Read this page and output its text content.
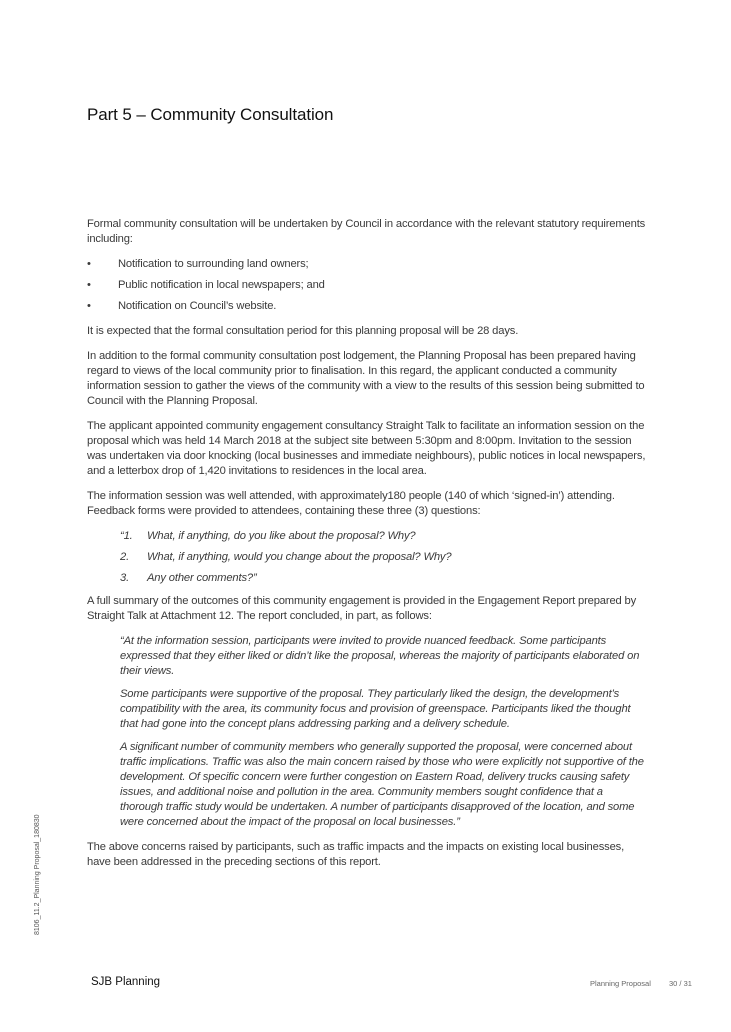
Part 5 – Community Consultation

Formal community consultation will be undertaken by Council in accordance with the relevant statutory requirements including:

• Notification to surrounding land owners;
• Public notification in local newspapers; and
• Notification on Council’s website.

It is expected that the formal consultation period for this planning proposal will be 28 days.

In addition to the formal community consultation post lodgement, the Planning Proposal has been prepared having regard to views of the local community prior to finalisation. In this regard, the applicant conducted a community information session to gather the views of the community with a view to the results of this session being submitted to Council with the Planning Proposal.

The applicant appointed community engagement consultancy Straight Talk to facilitate an information session on the proposal which was held 14 March 2018 at the subject site between 5:30pm and 8:00pm. Invitation to the session was undertaken via door knocking (local businesses and immediate neighbours), public notices in local newspapers, and a letterbox drop of 1,420 invitations to residences in the local area.

The information session was well attended, with approximately180 people (140 of which ‘signed-in’) attending. Feedback forms were provided to attendees, containing these three (3) questions:

“1. What, if anything, do you like about the proposal? Why?
2. What, if anything, would you change about the proposal? Why?
3. Any other comments?”

A full summary of the outcomes of this community engagement is provided in the Engagement Report prepared by Straight Talk at Attachment 12. The report concluded, in part, as follows:

“At the information session, participants were invited to provide nuanced feedback. Some participants expressed that they either liked or didn’t like the proposal, whereas the majority of participants elaborated on their views.

Some participants were supportive of the proposal. They particularly liked the design, the development’s compatibility with the area, its community focus and provision of greenspace. Participants liked the thought that had gone into the concept plans addressing parking and a delivery schedule.

A significant number of community members who generally supported the proposal, were concerned about traffic implications. Traffic was also the main concern raised by those who were explicitly not supportive of the development. Of specific concern were further congestion on Eastern Road, delivery trucks causing safety issues, and additional noise and pollution in the area. Community members sought confidence that a thorough traffic study would be undertaken. A number of participants disapproved of the location, and some were concerned about the impact of the proposal on local businesses.”

The above concerns raised by participants, such as traffic impacts and the impacts on existing local businesses, have been addressed in the preceding sections of this report.

8106_11.2_Planning Proposal_180830
SJB Planning	Planning Proposal 30 / 31
